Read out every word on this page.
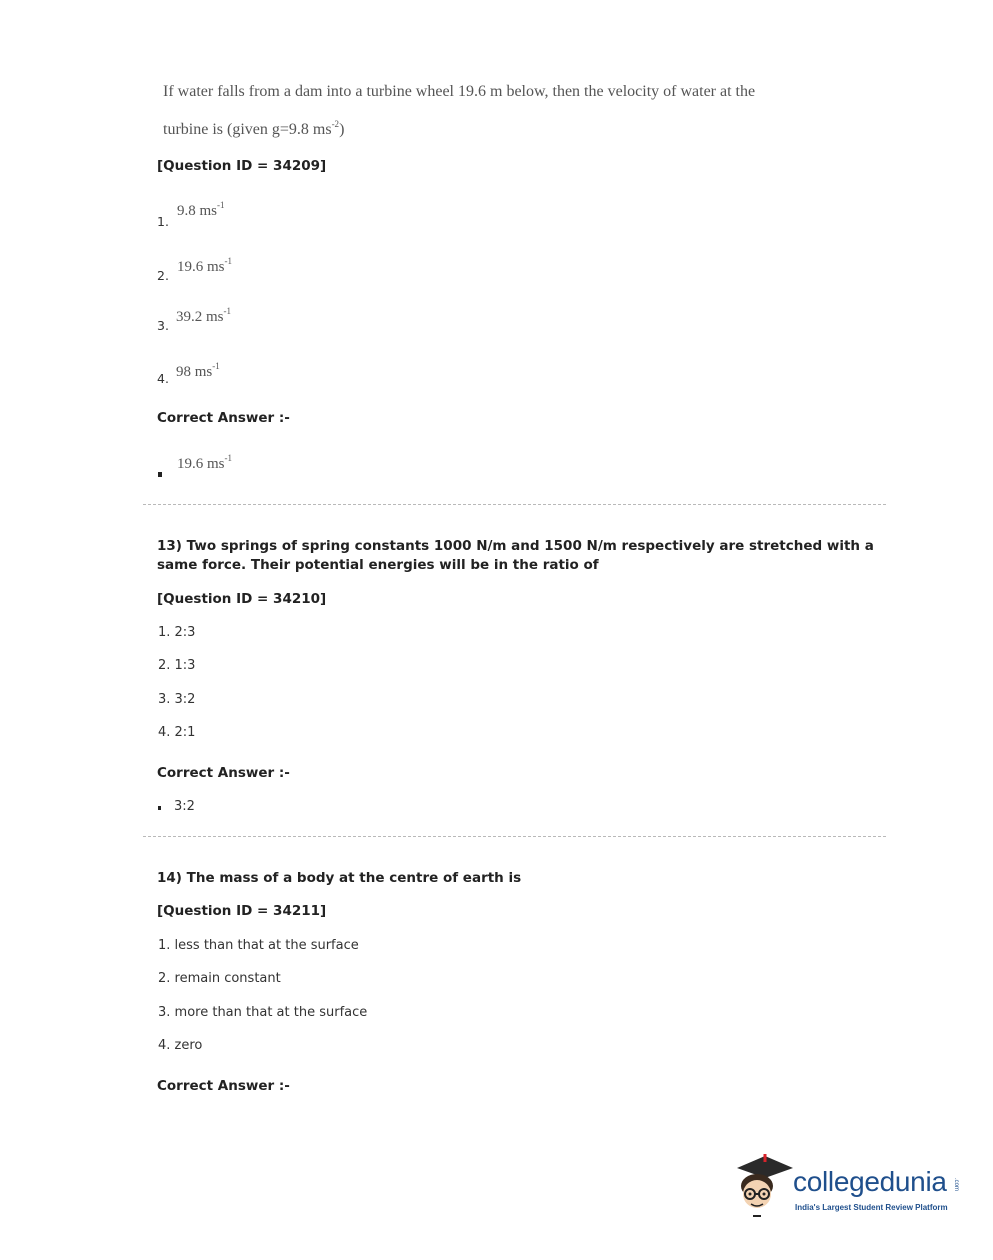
If water falls from a dam into a turbine wheel 19.6 m below, then the velocity of water at the
turbine is (given g=9.8 $ms^{-2}$)
[Question ID = 34209]
9.8 $ms^{-1}$
1.
19.6 $ms^{-1}$
2.
39.2 $ms^{-1}$
3.
98 $ms^{-1}$
4.
Correct Answer :-
19.6 $ms^{-1}$
13) Two springs of spring constants 1000 N/m and 1500 N/m respectively are stretched with a
same force. Their potential energies will be in the ratio of
[Question ID = 34210]
1. 2:3
2. 1:3
3. 3:2
4. 2:1
Correct Answer :-
3:2
14) The mass of a body at the centre of earth is
[Question ID = 34211]
1. less than that at the surface
2. remain constant
3. more than that at the surface
4. zero
Correct Answer :-
collegedunia .com
India's Largest Student Review Platform
